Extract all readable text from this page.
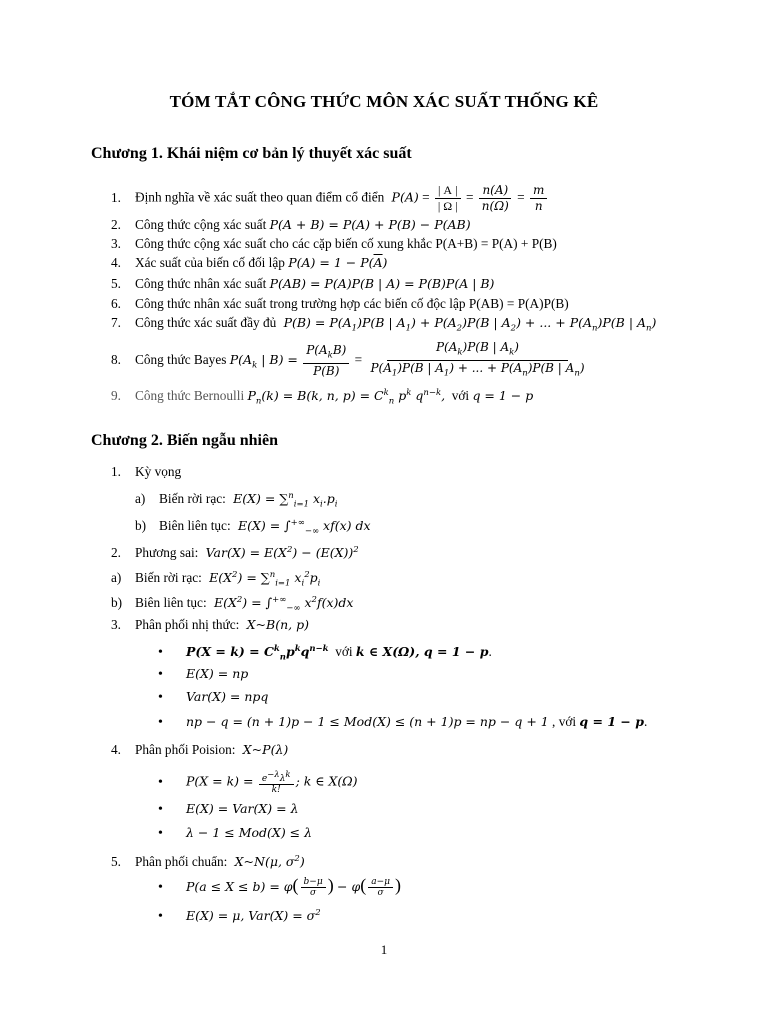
TÓM TẮT CÔNG THỨC MÔN XÁC SUẤT THỐNG KÊ
Chương 1. Khái niệm cơ bản lý thuyết xác suất
1. Định nghĩa về xác suất theo quan điểm cổ điển  $P(A) = \frac{| A |}{| \Omega |} = \frac{n(A)}{n(\Omega)} = \frac{m}{n}$
2. Công thức cộng xác suất P(A + B) = P(A) + P(B) − P(AB)
3. Công thức cộng xác suất cho các cặp biến cố xung khắc P(A+B) = P(A) + P(B)
4. Xác suất của biến cố đối lập $P(A) = 1 - P(\overline{A})$
5. Công thức nhân xác suất P(AB) = P(A)P(B | A) = P(B)P(A | B)
6. Công thức nhân xác suất trong trường hợp các biến cố độc lập P(AB) = P(A)P(B)
7. Công thức xác suất đầy đủ  $P(B) = P(A_1)P(B$ | $A_1) + P(A_2)P(B$ | $A_2$) + ... + $P(A_n)P(B$ | $A_n$)
8. Công thức Bayes $P(A_k$ | $B) = \frac{P(A_kB)}{P(B)} = \frac{P(A_k)P(B | A_k)}{P(A_1)P(B | A_1) + ... + P(A_n)P(B | A_n)}$
9. Công thức Bernoulli $P_n(k) = B(k$, n, $p) = C^k_n$ $p^k$ $q^{n-k}$, với q = 1 − p
Chương 2. Biến ngẫu nhiên
1. Kỳ vọng
a) Biến rời rạc:  E(X) = ∑$^n_{i=1}$ $x_i.p_i$
b) Biên liên tục:  $E(X) = \int^{+\infty}_{-\infty}$ xf(x) dx
2. Phương sai:  $Var(X) = E(X^2) - (E(X))^2$
a) Biến rời rạc:  $E(X^2) = \sum^n_{i=1}$ $x_i^2p_i$
b) Biên liên tục:  $E(X^2) = \int^{+\infty}_{-\infty}$ $x^2f(x)dx$
3. Phân phối nhị thức:  X~B(n, p)
• $P(X = k) = C^k_np^kq^{n-k}$ với k ∈ X(Ω), q = 1 − p.
• E(X) = np
• Var(X) = npq
• np − q = (n + 1)p − 1 ≤ Mod(X) ≤ (n + 1)p = np − q + 1 , với q = 1 − p.
4. Phân phối Poision:  X~P(λ)
• $P(X = k) = \frac{e^{-\lambda}\lambda^k}{k!}$ ; k ∈ X(Ω)
• E(X) = Var(X) = λ
• λ − 1 ≤ Mod(X) ≤ λ
5. Phân phối chuẩn:  X~N(μ, $\sigma^2$)
• $P(a \le X \le b) = \varphi( \frac{b-\mu}{\sigma}$ ) − $\varphi( \frac{a-\mu}{\sigma}$ )
• E(X) = μ, $Var(X) = \sigma^2$
1
